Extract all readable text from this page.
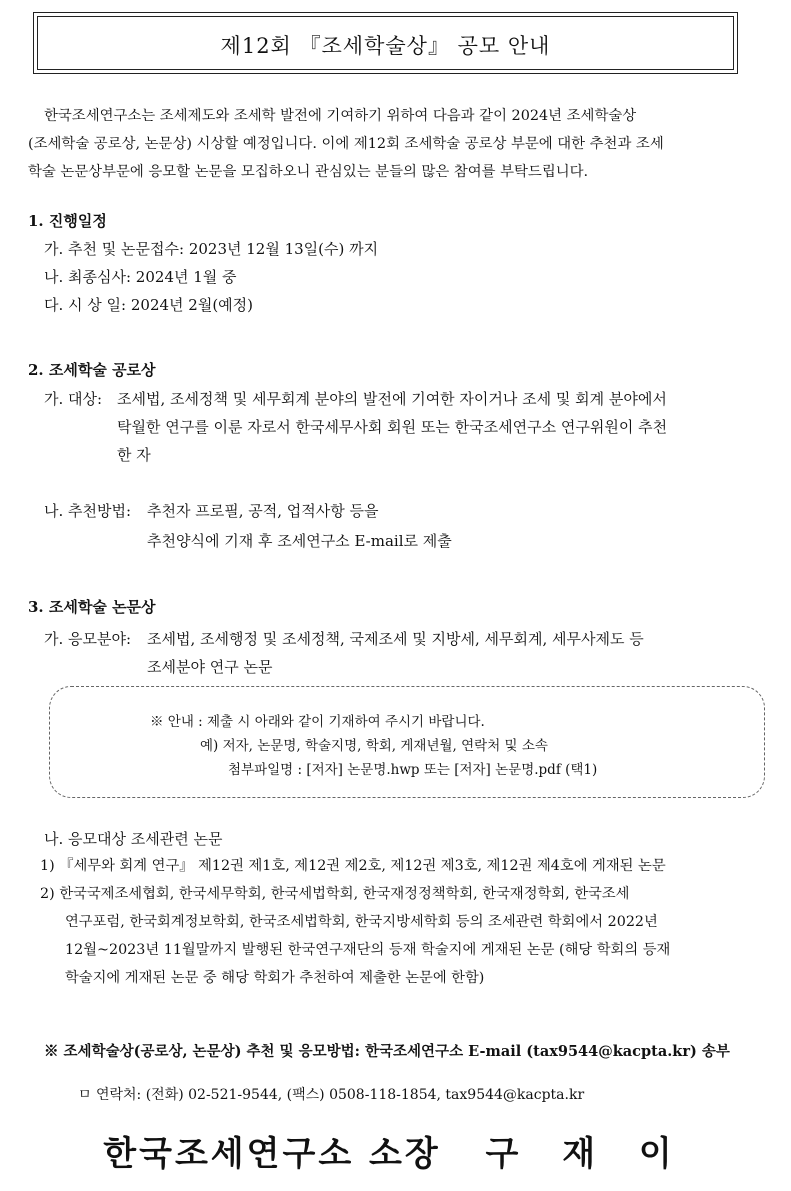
제12회 『조세학술상』 공모 안내
한국조세연구소는 조세제도와 조세학 발전에 기여하기 위하여 다음과 같이 2024년 조세학술상
(조세학술 공로상, 논문상) 시상할 예정입니다. 이에 제12회 조세학술 공로상 부문에 대한 추천과 조세
학술 논문상부문에 응모할 논문을 모집하오니 관심있는 분들의 많은 참여를 부탁드립니다.
1. 진행일정
가. 추천 및 논문접수: 2023년 12월 13일(수) 까지
나. 최종심사: 2024년 1월 중
다. 시 상 일: 2024년 2월(예정)
2. 조세학술 공로상
가. 대상: 조세법, 조세정책 및 세무회계 분야의 발전에 기여한 자이거나 조세 및 회계 분야에서
탁월한 연구를 이룬 자로서 한국세무사회 회원 또는 한국조세연구소 연구위원이 추천
한 자
나. 추천방법: 추천자 프로필, 공적, 업적사항 등을
추천양식에 기재 후 조세연구소 E-mail로 제출
3. 조세학술 논문상
가. 응모분야: 조세법, 조세행정 및 조세정책, 국제조세 및 지방세, 세무회계, 세무사제도 등
조세분야 연구 논문
※ 안내 : 제출 시 아래와 같이 기재하여 주시기 바랍니다.
예) 저자, 논문명, 학술지명, 학회, 게재년월, 연락처 및 소속
첨부파일명 : [저자] 논문명.hwp 또는 [저자] 논문명.pdf (택1)
나. 응모대상 조세관련 논문
1) 『세무와 회계 연구』 제12권 제1호, 제12권 제2호, 제12권 제3호, 제12권 제4호에 게재된 논문
2) 한국국제조세협회, 한국세무학회, 한국세법학회, 한국재정정책학회, 한국재정학회, 한국조세
연구포럼, 한국회계정보학회, 한국조세법학회, 한국지방세학회 등의 조세관련 학회에서 2022년
12월~2023년 11월말까지 발행된 한국연구재단의 등재 학술지에 게재된 논문 (해당 학회의 등재
학술지에 게재된 논문 중 해당 학회가 추천하여 제출한 논문에 한함)
※ 조세학술상(공로상, 논문상) 추천 및 응모방법: 한국조세연구소 E-mail (tax9544@kacpta.kr) 송부
ㅁ 연락처: (전화) 02-521-9544, (팩스) 0508-118-1854, tax9544@kacpta.kr
한국조세연구소 소장 구 재 이
